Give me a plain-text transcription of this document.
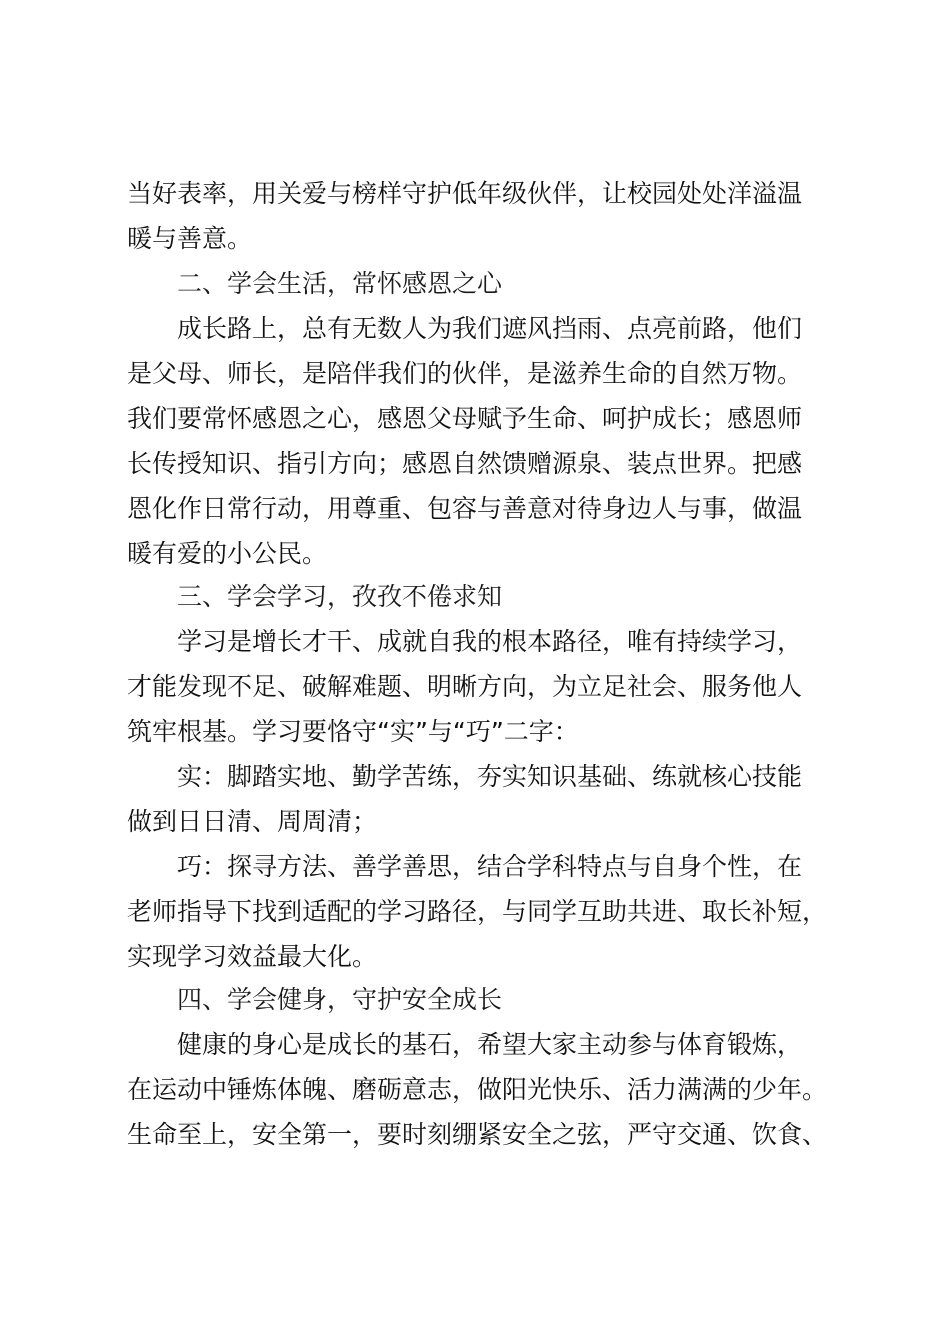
当好表率，用关爱与榜样守护低年级伙伴，让校园处处洋溢温

暖与善意。

二、学会生活，常怀感恩之心

成长路上，总有无数人为我们遮风挡雨、点亮前路，他们

是父母、师长，是陪伴我们的伙伴，是滋养生命的自然万物。

我们要常怀感恩之心，感恩父母赋予生命、呵护成长；感恩师

长传授知识、指引方向；感恩自然馈赠源泉、装点世界。把感

恩化作日常行动，用尊重、包容与善意对待身边人与事，做温

暖有爱的小公民。

三、学会学习，孜孜不倦求知

学习是增长才干、成就自我的根本路径，唯有持续学习，

才能发现不足、破解难题、明晰方向，为立足社会、服务他人

筑牢根基。学习要恪守“实”与“巧”二字：

实：脚踏实地、勤学苦练，夯实知识基础、练就核心技能

做到日日清、周周清；

巧：探寻方法、善学善思，结合学科特点与自身个性，在

老师指导下找到适配的学习路径，与同学互助共进、取长补短，

实现学习效益最大化。

四、学会健身，守护安全成长

健康的身心是成长的基石，希望大家主动参与体育锻炼，

在运动中锤炼体魄、磨砺意志，做阳光快乐、活力满满的少年。

生命至上，安全第一，要时刻绷紧安全之弦，严守交通、饮食、
